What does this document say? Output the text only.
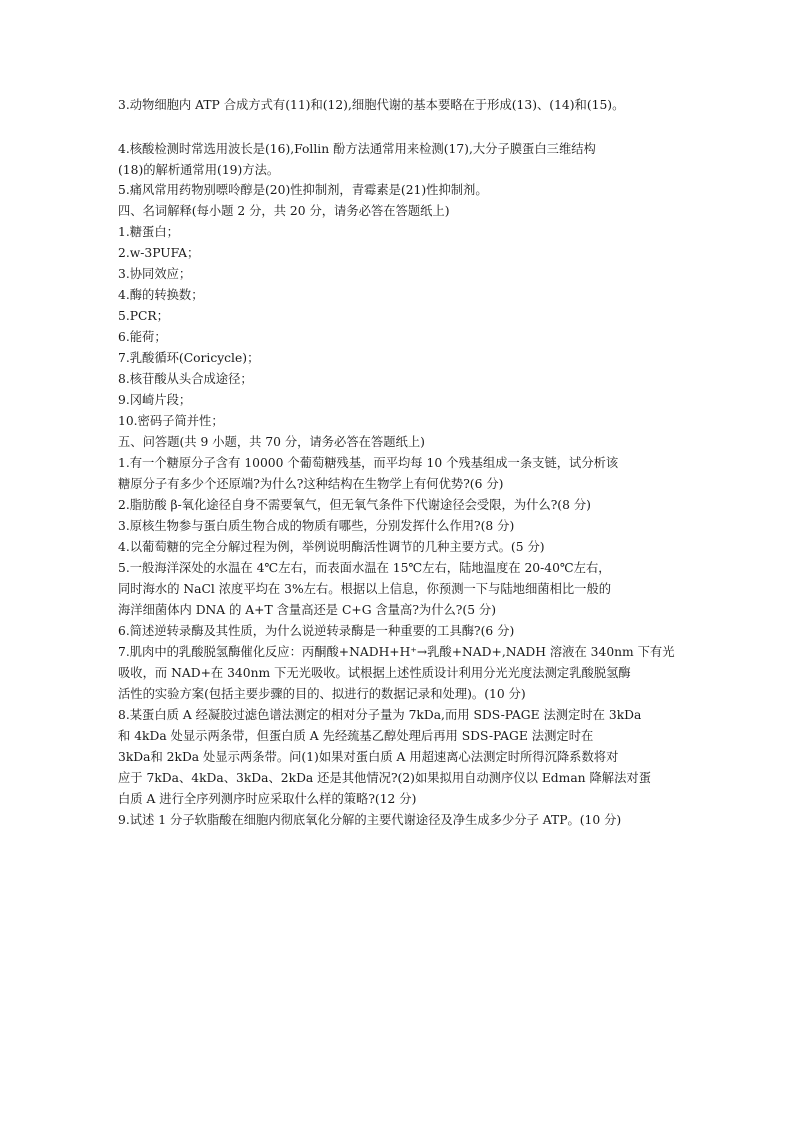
3.动物细胞内 ATP 合成方式有(11)和(12),细胞代谢的基本要略在于形成(13)、(14)和(15)。
4.核酸检测时常选用波长是(16),Follin 酚方法通常用来检测(17),大分子膜蛋白三维结构
(18)的解析通常用(19)方法。
5.痛风常用药物别嘌呤醇是(20)性抑制剂，青霉素是(21)性抑制剂。
四、名词解释(每小题 2 分，共 20 分，请务必答在答题纸上)
1.糖蛋白；
2.w-3PUFA；
3.协同效应；
4.酶的转换数；
5.PCR；
6.能荷；
7.乳酸循环(Coricycle)；
8.核苷酸从头合成途径；
9.冈崎片段；
10.密码子简并性；
五、问答题(共 9 小题，共 70 分，请务必答在答题纸上)
1.有一个糖原分子含有 10000 个葡萄糖残基，而平均每 10 个残基组成一条支链，试分析该
糖原分子有多少个还原端?为什么?这种结构在生物学上有何优势?(6 分)
2.脂肪酸 β-氧化途径自身不需要氧气，但无氧气条件下代谢途径会受限，为什么?(8 分)
3.原核生物参与蛋白质生物合成的物质有哪些，分别发挥什么作用?(8 分)
4.以葡萄糖的完全分解过程为例，举例说明酶活性调节的几种主要方式。(5 分)
5.一般海洋深处的水温在 4℃左右，而表面水温在 15℃左右，陆地温度在 20-40℃左右，
同时海水的 NaCl 浓度平均在 3%左右。根据以上信息，你预测一下与陆地细菌相比一般的
海洋细菌体内 DNA 的 A+T 含量高还是 C+G 含量高?为什么?(5 分)
6.简述逆转录酶及其性质，为什么说逆转录酶是一种重要的工具酶?(6 分)
7.肌肉中的乳酸脱氢酶催化反应：丙酮酸+NADH+H⁺→乳酸+NAD+,NADH 溶液在 340nm 下有光
吸收，而 NAD+在 340nm 下无光吸收。试根据上述性质设计利用分光光度法测定乳酸脱氢酶
活性的实验方案(包括主要步骤的目的、拟进行的数据记录和处理)。(10 分)
8.某蛋白质 A 经凝胶过滤色谱法测定的相对分子量为 7kDa,而用 SDS-PAGE 法测定时在 3kDa
和 4kDa 处显示两条带，但蛋白质 A 先经巯基乙醇处理后再用 SDS-PAGE 法测定时在
3kDa和 2kDa 处显示两条带。问(1)如果对蛋白质 A 用超速离心法测定时所得沉降系数将对
应于 7kDa、4kDa、3kDa、2kDa 还是其他情况?(2)如果拟用自动测序仪以 Edman 降解法对蛋
白质 A 进行全序列测序时应采取什么样的策略?(12 分)
9.试述 1 分子软脂酸在细胞内彻底氧化分解的主要代谢途径及净生成多少分子 ATP。(10 分)
